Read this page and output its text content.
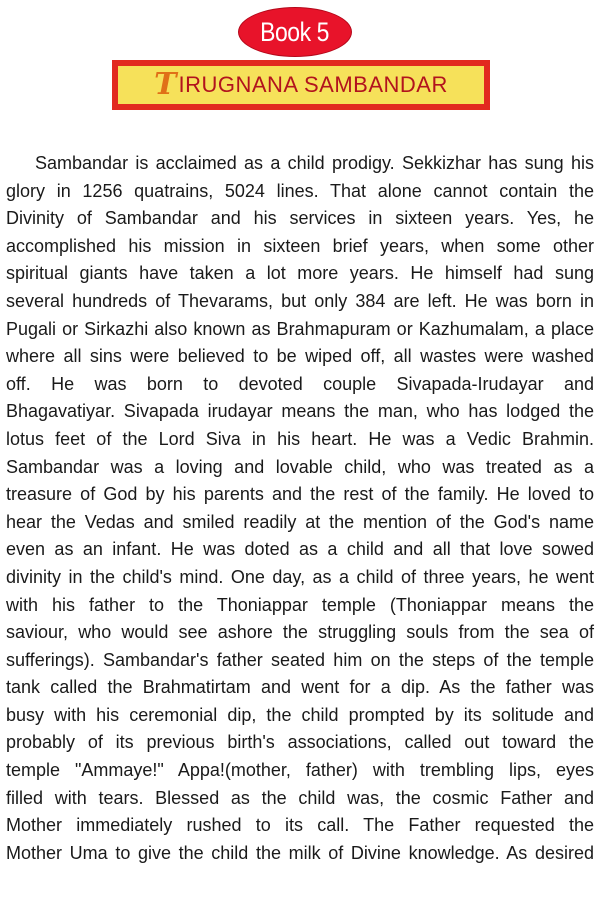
Book 5
T IRUGNANA SAMBANDAR
Sambandar is acclaimed as a child prodigy. Sekkizhar has sung his
glory in 1256 quatrains, 5024 lines. That alone cannot contain the
Divinity of Sambandar and his services in sixteen years. Yes, he
accomplished his mission in sixteen brief years, when some other
spiritual giants have taken a lot more years. He himself had sung
several hundreds of Thevarams, but only 384 are left. He was born in
Pugali or Sirkazhi also known as Brahmapuram or Kazhumalam, a place
where all sins were believed to be wiped off, all wastes were washed
off. He was born to devoted couple Sivapada-Irudayar and
Bhagavatiyar. Sivapada irudayar means the man, who has lodged the
lotus feet of the Lord Siva in his heart. He was a Vedic Brahmin.
Sambandar was a loving and lovable child, who was treated as a
treasure of God by his parents and the rest of the family. He loved to
hear the Vedas and smiled readily at the mention of the God's name
even as an infant. He was doted as a child and all that love sowed
divinity in the child's mind. One day, as a child of three years, he went
with his father to the Thoniappar temple (Thoniappar means the
saviour, who would see ashore the struggling souls from the sea of
sufferings). Sambandar's father seated him on the steps of the temple
tank called the Brahmatirtam and went for a dip. As the father was
busy with his ceremonial dip, the child prompted by its solitude and
probably of its previous birth's associations, called out toward the
temple "Ammaye!" Appa!(mother, father) with trembling lips, eyes
filled with tears. Blessed as the child was, the cosmic Father and
Mother immediately rushed to its call. The Father requested the
Mother Uma to give the child the milk of Divine knowledge. As desired
